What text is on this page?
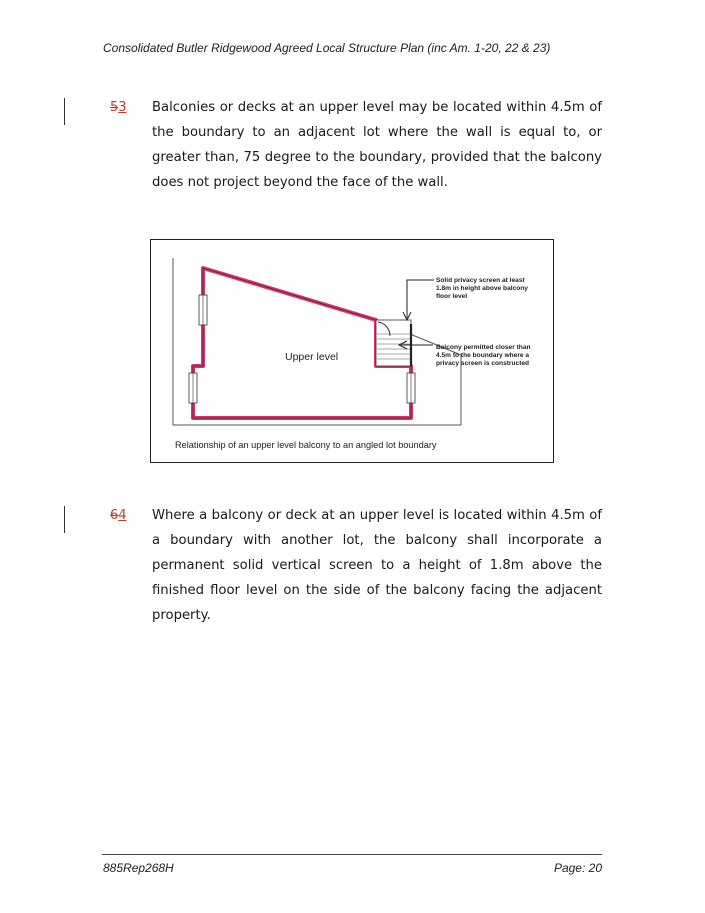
Consolidated Butler Ridgewood Agreed Local Structure Plan (inc Am. 1-20, 22 & 23)
53 Balconies or decks at an upper level may be located within 4.5m of the boundary to an adjacent lot where the wall is equal to, or greater than, 75 degree to the boundary, provided that the balcony does not project beyond the face of the wall.
Upper level
Solid privacy screen at least
1.8m in height above balcony
floor level
Balcony permitted closer than
4.5m to the boundary where a
privacy screen is constructed
Relationship of an upper level balcony to an angled lot boundary
64 Where a balcony or deck at an upper level is located within 4.5m of a boundary with another lot, the balcony shall incorporate a permanent solid vertical screen to a height of 1.8m above the finished floor level on the side of the balcony facing the adjacent property.
885Rep268H	Page: 20
